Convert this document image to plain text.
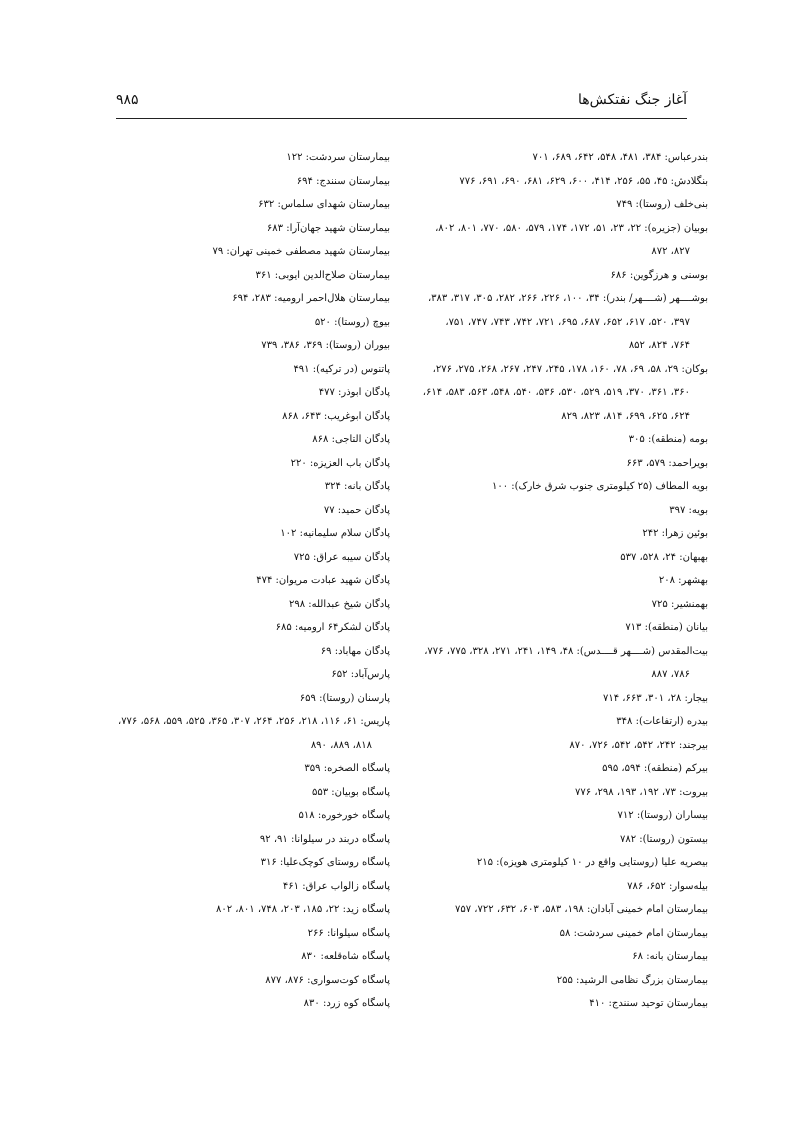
آغاز جنگ نفتکش‌ها
۹۸۵

بندرعباس: ۳۸۴، ۴۸۱، ۵۴۸، ۶۴۲، ۶۸۹، ۷۰۱

بنگلادش: ۴۵، ۵۵، ۲۵۶، ۴۱۴، ۶۰۰، ۶۲۹، ۶۸۱، ۶۹۰، ۶۹۱، ۷۷۶

بنی‌خلف (روستا): ۷۴۹

بوبیان (جزیره): ۲۲، ۲۳، ۵۱، ۱۷۲، ۱۷۴، ۵۷۹، ۵۸۰، ۷۷۰، ۸۰۱، ۸۰۲،

۸۲۷، ۸۷۲

بوسنی و هرزگوین: ۶۸۶

بوشــــهر (شــــهر/ بندر): ۳۴، ۱۰۰، ۲۲۶، ۲۶۶، ۲۸۲، ۳۰۵، ۳۱۷، ۳۸۳،

۳۹۷، ۵۲۰، ۶۱۷، ۶۵۲، ۶۸۷، ۶۹۵، ۷۲۱، ۷۴۲، ۷۴۳، ۷۴۷، ۷۵۱،

۷۶۴، ۸۲۴، ۸۵۲

بوکان: ۲۹، ۵۸، ۶۹، ۷۸، ۱۶۰، ۱۷۸، ۲۴۵، ۲۴۷، ۲۶۷، ۲۶۸، ۲۷۵، ۲۷۶،

۳۶۰، ۳۶۱، ۳۷۰، ۵۱۹، ۵۲۹، ۵۳۰، ۵۳۶، ۵۴۰، ۵۴۸، ۵۶۳، ۵۸۳، ۶۱۴،

۶۲۴، ۶۲۵، ۶۹۹، ۸۱۴، ۸۲۳، ۸۲۹

بومه (منطقه): ۳۰۵

بویراحمد: ۵۷۹، ۶۶۳

بویه المطاف (۲۵ کیلومتری جنوب شرق خارک): ۱۰۰

بویه: ۳۹۷

بوئین زهرا: ۲۴۲

بهبهان: ۲۴، ۵۲۸، ۵۳۷

بهشهر: ۲۰۸

بهمنشیر: ۷۲۵

بیانان (منطقه): ۷۱۳

بیت‌المقدس (شــــهر قــــدس): ۴۸، ۱۴۹، ۲۴۱، ۲۷۱، ۳۲۸، ۷۷۵، ۷۷۶،

۷۸۶، ۸۸۷

بیجار: ۲۸، ۳۰۱، ۶۶۳، ۷۱۴

بیدره (ارتفاعات): ۳۴۸

بیرجند: ۲۴۲، ۵۴۲، ۵۴۲، ۷۲۶، ۸۷۰

بیرکم (منطقه): ۵۹۴، ۵۹۵

بیروت: ۷۳، ۱۹۲، ۱۹۳، ۲۹۸، ۷۷۶

بیساران (روستا): ۷۱۲

بیستون (روستا): ۷۸۲

بیصریه علیا (روستایی واقع در ۱۰ کیلومتری هویزه): ۲۱۵

بیله‌سوار: ۶۵۲، ۷۸۶

بیمارستان امام خمینی آبادان: ۱۹۸، ۵۸۳، ۶۰۳، ۶۳۲، ۷۲۲، ۷۵۷

بیمارستان امام خمینی سردشت: ۵۸

بیمارستان بانه: ۶۸

بیمارستان بزرگ نظامی الرشید: ۲۵۵

بیمارستان توحید سنندج: ۴۱۰

بیمارستان سردشت: ۱۲۲

بیمارستان سنندج: ۶۹۴

بیمارستان شهدای سلماس: ۶۳۲

بیمارستان شهید جهان‌آرا: ۶۸۳

بیمارستان شهید مصطفی خمینی تهران: ۷۹

بیمارستان صلاح‌الدین ایوبی: ۳۶۱

بیمارستان هلال‌احمر ارومیه: ۲۸۳، ۶۹۴

بیوچ (روستا): ۵۲۰

بیوران (روستا): ۳۶۹، ۳۸۶، ۷۳۹

پاتنوس (در ترکیه): ۴۹۱

پادگان ابوذر: ۴۷۷

پادگان ابوغریب: ۶۴۳، ۸۶۸

پادگان التاجی: ۸۶۸

پادگان باب العزیزه: ۲۲۰

پادگان بانه: ۳۲۴

پادگان حمید: ۷۷

پادگان سلام سلیمانیه: ۱۰۲

پادگان سیبه عراق: ۷۲۵

پادگان شهید عبادت مریوان: ۴۷۴

پادگان شیخ عبدالله: ۲۹۸

پادگان لشکر۶۴ ارومیه: ۶۸۵

پادگان مهاباد: ۶۹

پارس‌آباد: ۶۵۲

پارسنان (روستا): ۶۵۹

پاریس: ۶۱، ۱۱۶، ۲۱۸، ۲۵۶، ۲۶۴، ۳۰۷، ۳۶۵، ۵۲۵، ۵۵۹، ۵۶۸، ۷۷۶،

۸۱۸، ۸۸۹، ۸۹۰

پاسگاه الصخره: ۳۵۹

پاسگاه بوبیان: ۵۵۳

پاسگاه خورخوره: ۵۱۸

پاسگاه دربند در سیلوانا: ۹۱، ۹۲

پاسگاه روستای کوچک‌علیا: ۳۱۶

پاسگاه زالواب عراق: ۴۶۱

پاسگاه زید: ۲۲، ۱۸۵، ۲۰۳، ۷۴۸، ۸۰۱، ۸۰۲

پاسگاه سیلوانا: ۲۶۶

پاسگاه شاه‌قلعه: ۸۳۰

پاسگاه کوت‌سواری: ۸۷۶، ۸۷۷

پاسگاه کوه زرد: ۸۳۰
